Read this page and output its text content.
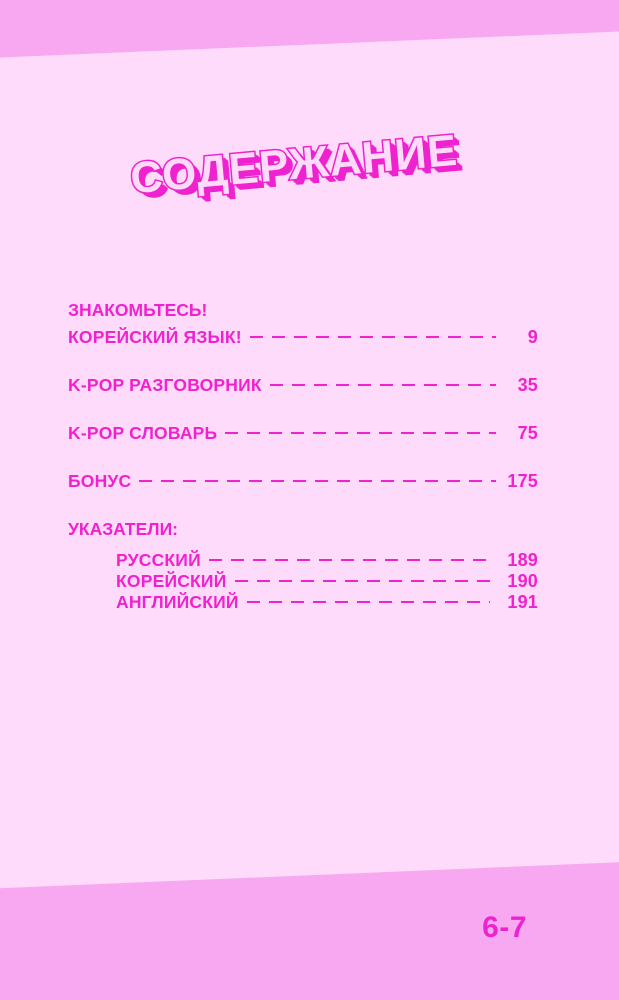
СОДЕРЖАНИЕ
ЗНАКОМЬТЕСЬ!
КОРЕЙСКИЙ ЯЗЫК!	9
K-POP РАЗГОВОРНИК	35
K-POP СЛОВАРЬ	75
БОНУС	175
УКАЗАТЕЛИ:
РУССКИЙ	189
КОРЕЙСКИЙ	190
АНГЛИЙСКИЙ	191
6-7
